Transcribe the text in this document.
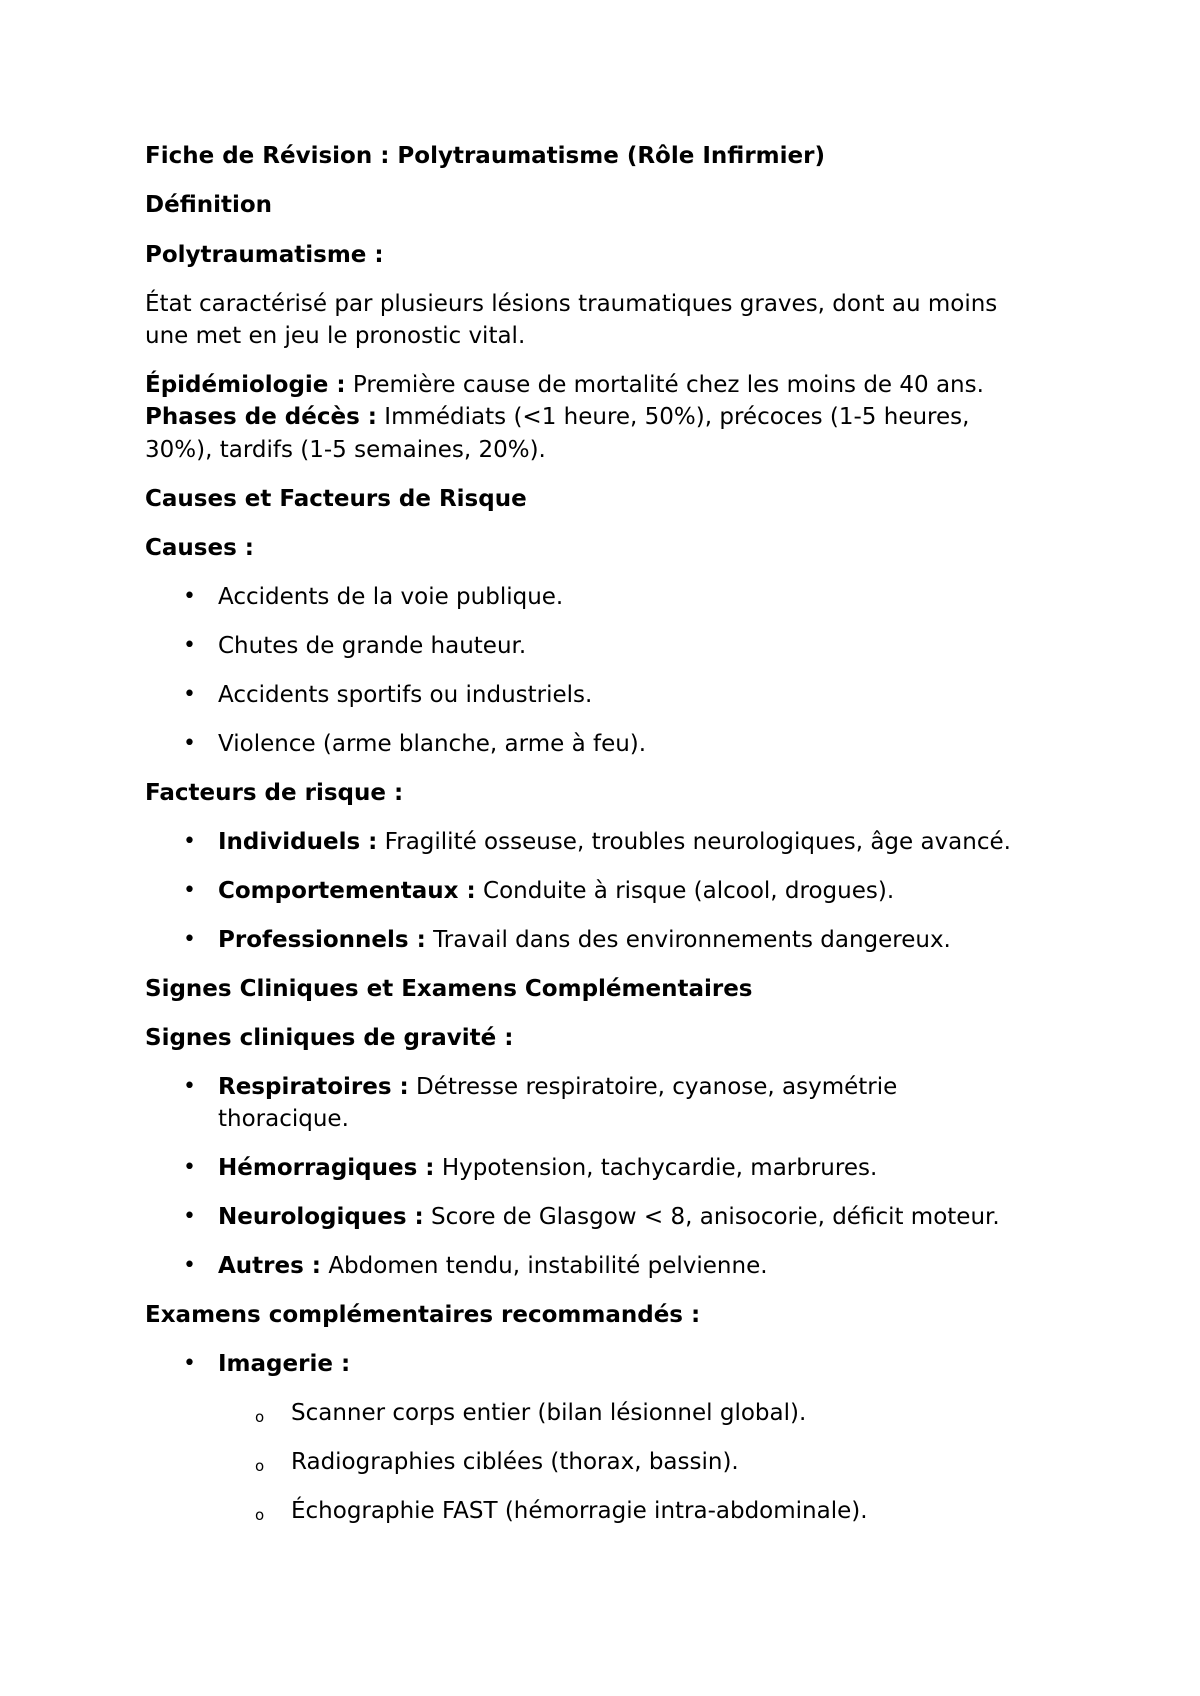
Fiche de Révision : Polytraumatisme (Rôle Infirmier)
Définition
Polytraumatisme :
État caractérisé par plusieurs lésions traumatiques graves, dont au moins
une met en jeu le pronostic vital.
Épidémiologie : Première cause de mortalité chez les moins de 40 ans.
Phases de décès : Immédiats (<1 heure, 50%), précoces (1-5 heures,
30%), tardifs (1-5 semaines, 20%).
Causes et Facteurs de Risque
Causes :
• Accidents de la voie publique.
• Chutes de grande hauteur.
• Accidents sportifs ou industriels.
• Violence (arme blanche, arme à feu).
Facteurs de risque :
• Individuels : Fragilité osseuse, troubles neurologiques, âge avancé.
• Comportementaux : Conduite à risque (alcool, drogues).
• Professionnels : Travail dans des environnements dangereux.
Signes Cliniques et Examens Complémentaires
Signes cliniques de gravité :
• Respiratoires : Détresse respiratoire, cyanose, asymétrie
thoracique.
• Hémorragiques : Hypotension, tachycardie, marbrures.
• Neurologiques : Score de Glasgow < 8, anisocorie, déficit moteur.
• Autres : Abdomen tendu, instabilité pelvienne.
Examens complémentaires recommandés :
• Imagerie :
o Scanner corps entier (bilan lésionnel global).
o Radiographies ciblées (thorax, bassin).
o Échographie FAST (hémorragie intra-abdominale).
